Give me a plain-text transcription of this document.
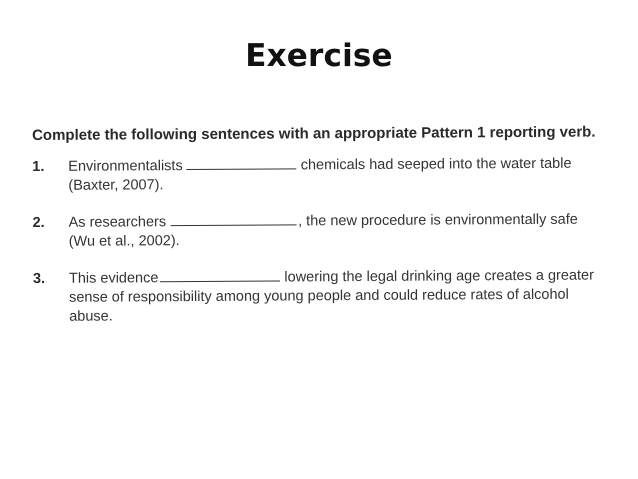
Exercise
Complete the following sentences with an appropriate Pattern 1 reporting verb.
1.	Environmentalists	chemicals had seeped into the water table (Baxter, 2007).
2.	As researchers	, the new procedure is environmentally safe (Wu et al., 2002).
3.	This evidence	lowering the legal drinking age creates a greater sense of responsibility among young people and could reduce rates of alcohol abuse.
